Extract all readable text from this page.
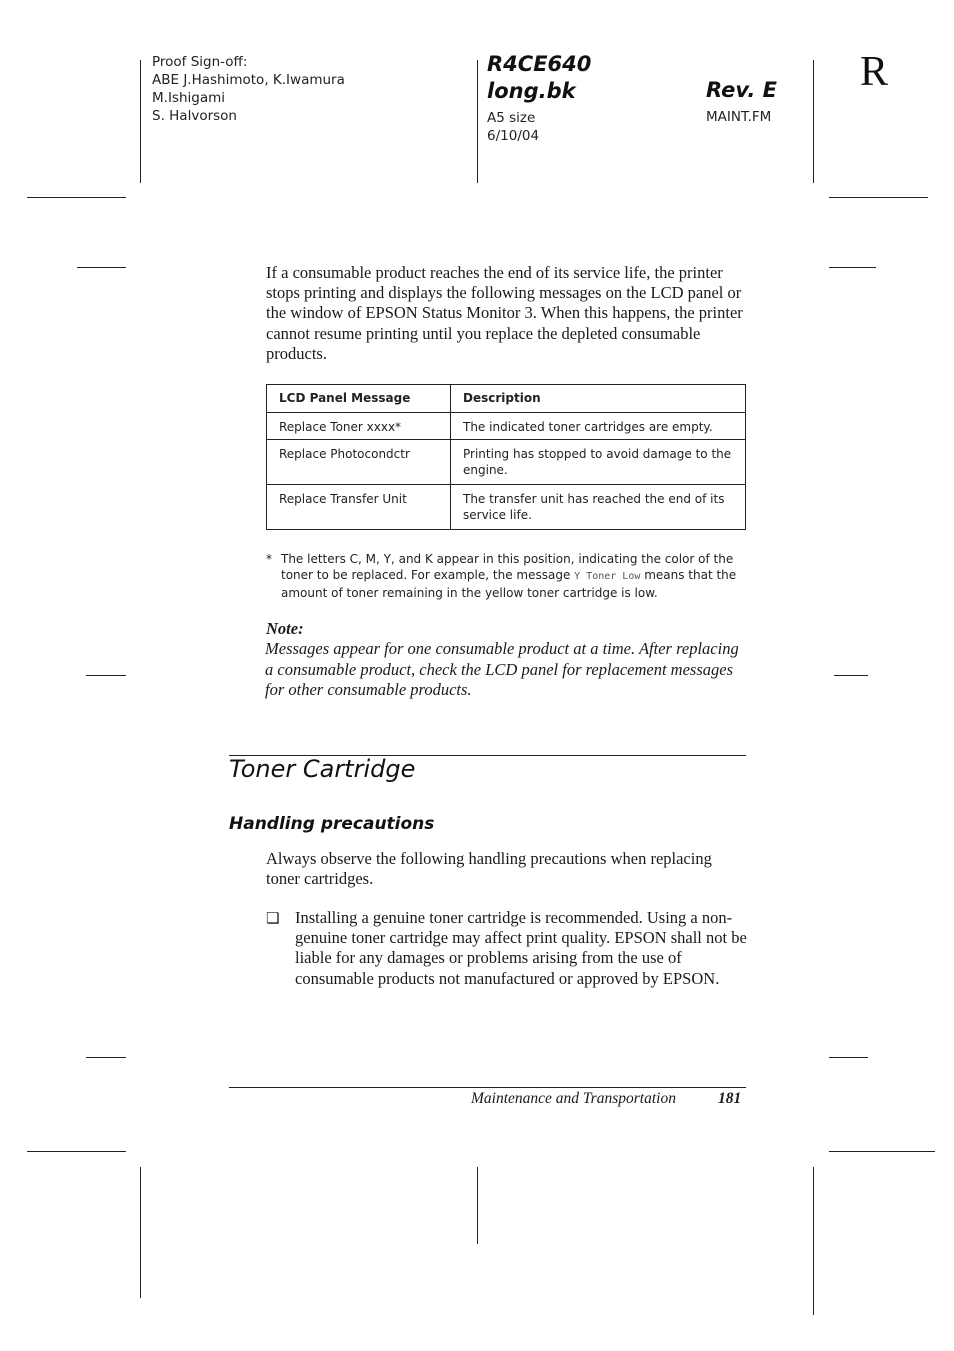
Proof Sign-off:
ABE J.Hashimoto, K.Iwamura
M.Ishigami
S. Halvorson
R4CE640
long.bk	Rev. E
A5 size
6/10/04
MAINT.FM
R
If a consumable product reaches the end of its service life, the printer stops printing and displays the following messages on the LCD panel or the window of EPSON Status Monitor 3. When this happens, the printer cannot resume printing until you replace the depleted consumable products.
LCD Panel Message	Description
Replace Toner xxxx*	The indicated toner cartridges are empty.
Replace Photocondctr	Printing has stopped to avoid damage to the engine.
Replace Transfer Unit	The transfer unit has reached the end of its service life.
* The letters C, M, Y, and K appear in this position, indicating the color of the toner to be replaced. For example, the message Y Toner Low means that the amount of toner remaining in the yellow toner cartridge is low.
Note:
Messages appear for one consumable product at a time. After replacing a consumable product, check the LCD panel for replacement messages for other consumable products.
Toner Cartridge
Handling precautions
Always observe the following handling precautions when replacing toner cartridges.
❏ Installing a genuine toner cartridge is recommended. Using a non-genuine toner cartridge may affect print quality. EPSON shall not be liable for any damages or problems arising from the use of consumable products not manufactured or approved by EPSON.
Maintenance and Transportation	181
